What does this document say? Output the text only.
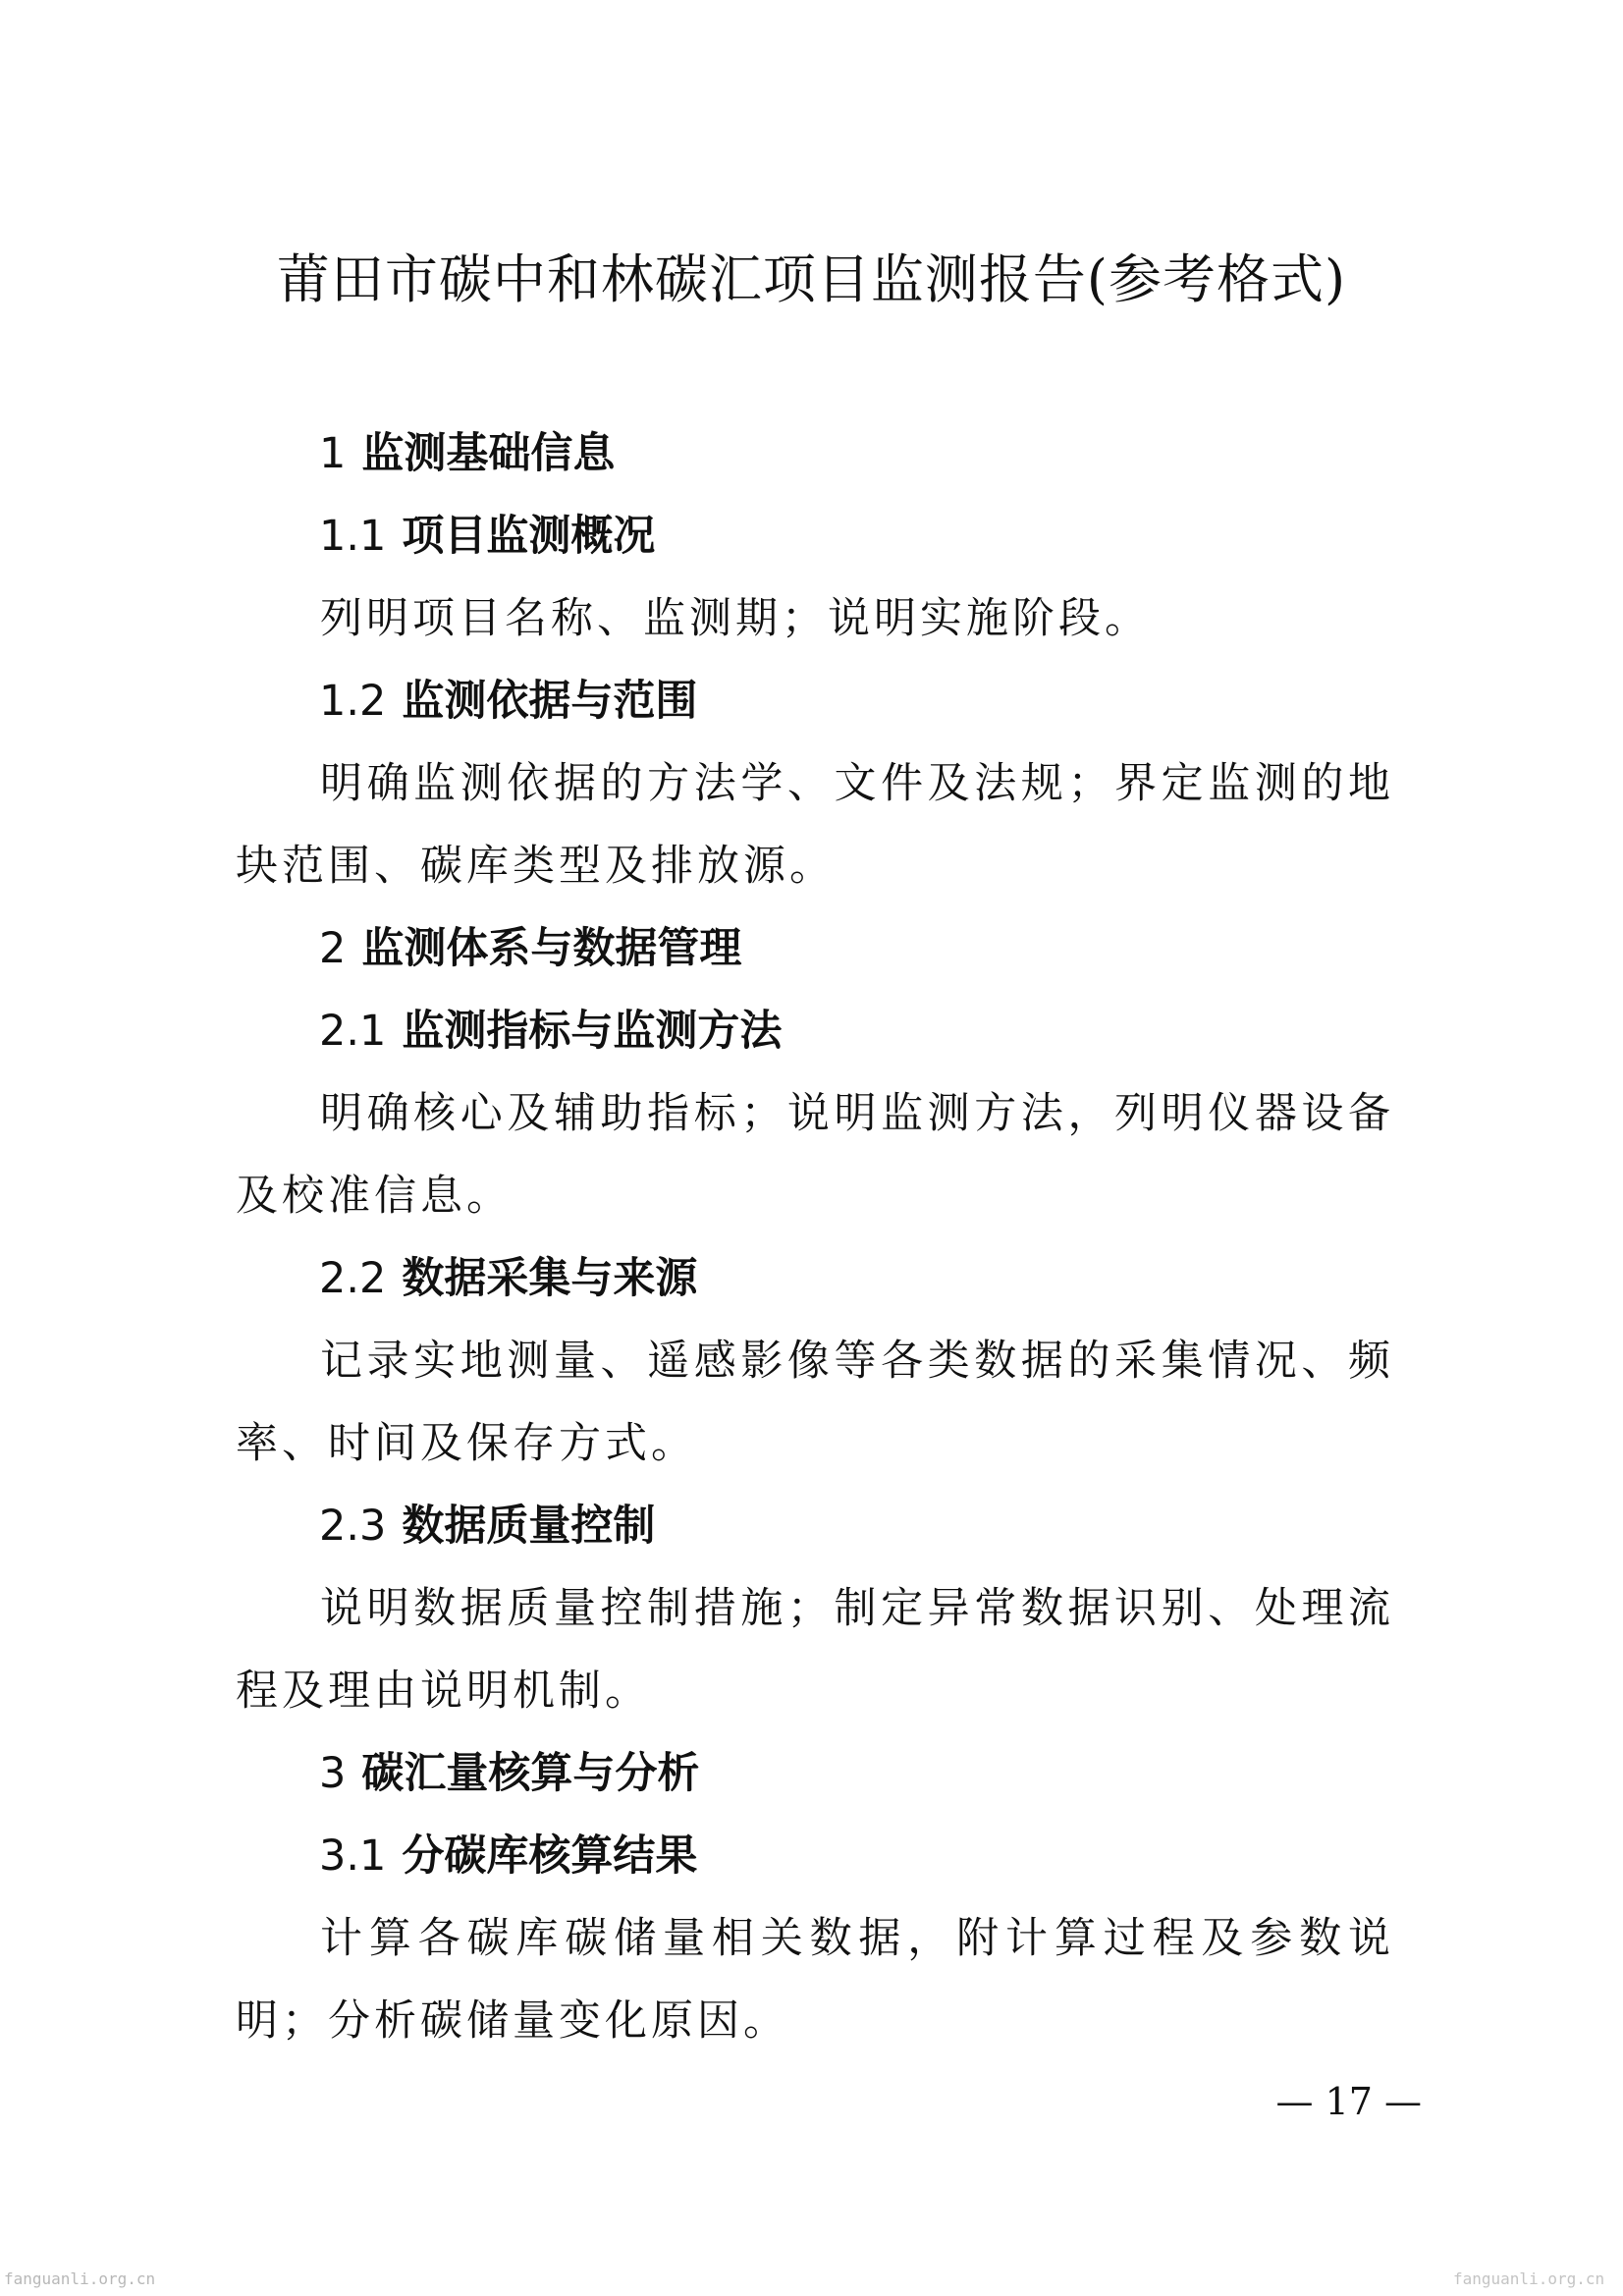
莆田市碳中和林碳汇项目监测报告(参考格式)
1 监测基础信息
1.1 项目监测概况

列明项目名称、监测期；说明实施阶段。

1.2 监测依据与范围

明确监测依据的方法学、文件及法规；界定监测的地块范围、碳库类型及排放源。

2 监测体系与数据管理
2.1 监测指标与监测方法

明确核心及辅助指标；说明监测方法，列明仪器设备及校准信息。

2.2 数据采集与来源

记录实地测量、遥感影像等各类数据的采集情况、频率、时间及保存方式。

2.3 数据质量控制

说明数据质量控制措施；制定异常数据识别、处理流程及理由说明机制。

3 碳汇量核算与分析
3.1 分碳库核算结果

计算各碳库碳储量相关数据，附计算过程及参数说明；分析碳储量变化原因。

— 17 —

fanguanli.org.cn	fanguanli.org.cn
